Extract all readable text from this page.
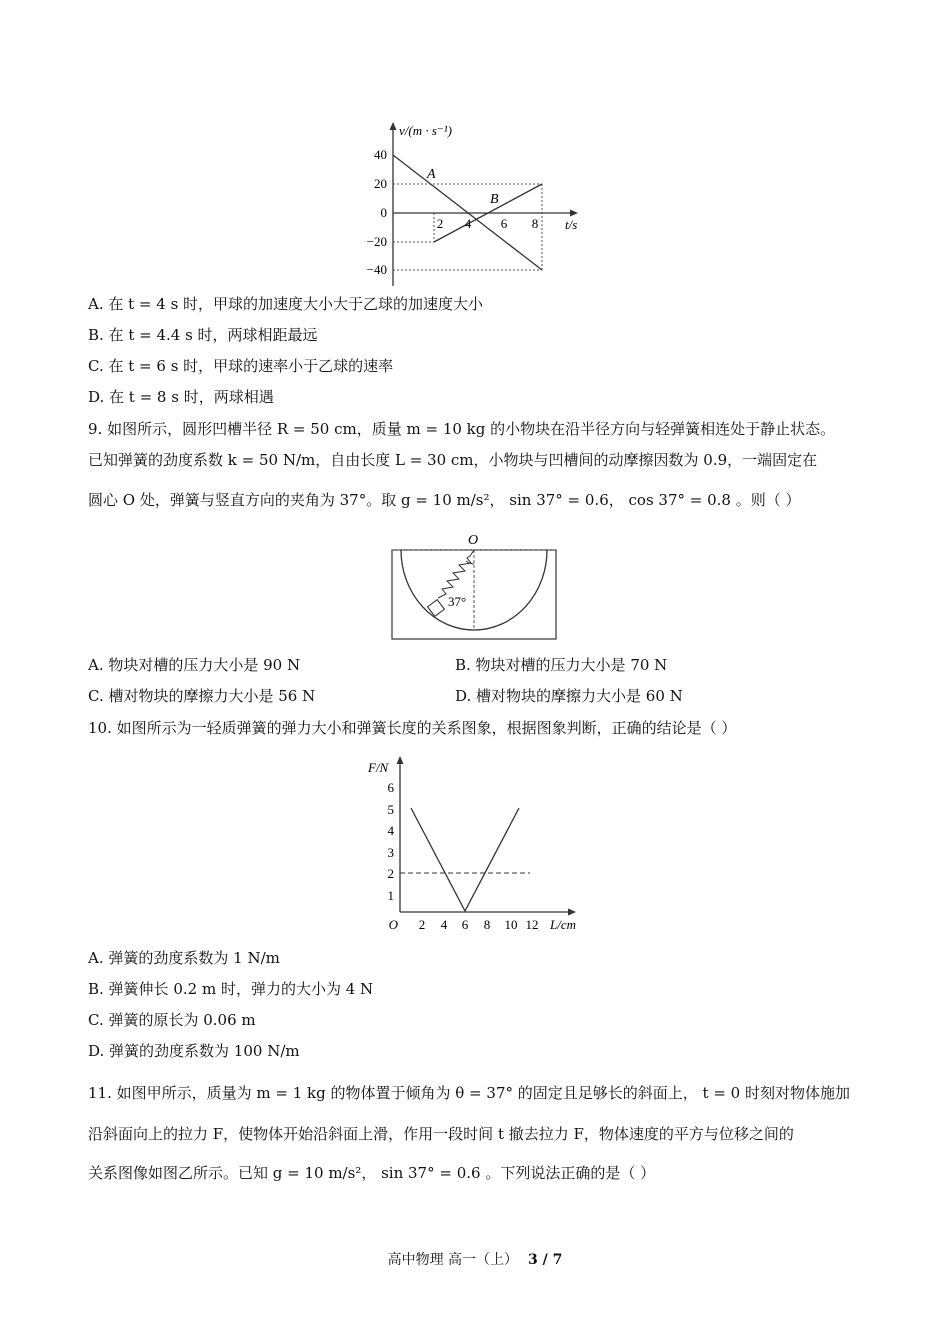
40
20
0
−20
−40
2 4 6 8
v/(m · s⁻¹)
t/s
A
B
A. 在 t = 4 s 时，甲球的加速度大小大于乙球的加速度大小
B. 在 t = 4.4 s 时，两球相距最远
C. 在 t = 6 s 时，甲球的速率小于乙球的速率
D. 在 t = 8 s 时，两球相遇
9. 如图所示，圆形凹槽半径 R = 50 cm，质量 m = 10 kg 的小物块在沿半径方向与轻弹簧相连处于静止状态。
已知弹簧的劲度系数 k = 50 N/m，自由长度 L = 30 cm，小物块与凹槽间的动摩擦因数为 0.9，一端固定在
圆心 O 处，弹簧与竖直方向的夹角为 37°。取 g = 10 m/s²， sin 37° = 0.6， cos 37° = 0.8 。则（ ）
O
37°
A. 物块对槽的压力大小是 90 N	B. 物块对槽的压力大小是 70 N
C. 槽对物块的摩擦力大小是 56 N	D. 槽对物块的摩擦力大小是 60 N
10. 如图所示为一轻质弹簧的弹力大小和弹簧长度的关系图象，根据图象判断，正确的结论是（ ）
6
5
4
3
2
1
O 2 4 6 8 10 12
F/N
L/cm
A. 弹簧的劲度系数为 1 N/m
B. 弹簧伸长 0.2 m 时，弹力的大小为 4 N
C. 弹簧的原长为 0.06 m
D. 弹簧的劲度系数为 100 N/m
11. 如图甲所示，质量为 m = 1 kg 的物体置于倾角为 θ = 37° 的固定且足够长的斜面上， t = 0 时刻对物体施加
沿斜面向上的拉力 F，使物体开始沿斜面上滑，作用一段时间 t 撤去拉力 F，物体速度的平方与位移之间的
关系图像如图乙所示。已知 g = 10 m/s²， sin 37° = 0.6 。下列说法正确的是（ ）
高中物理 高一（上） 3 / 7
